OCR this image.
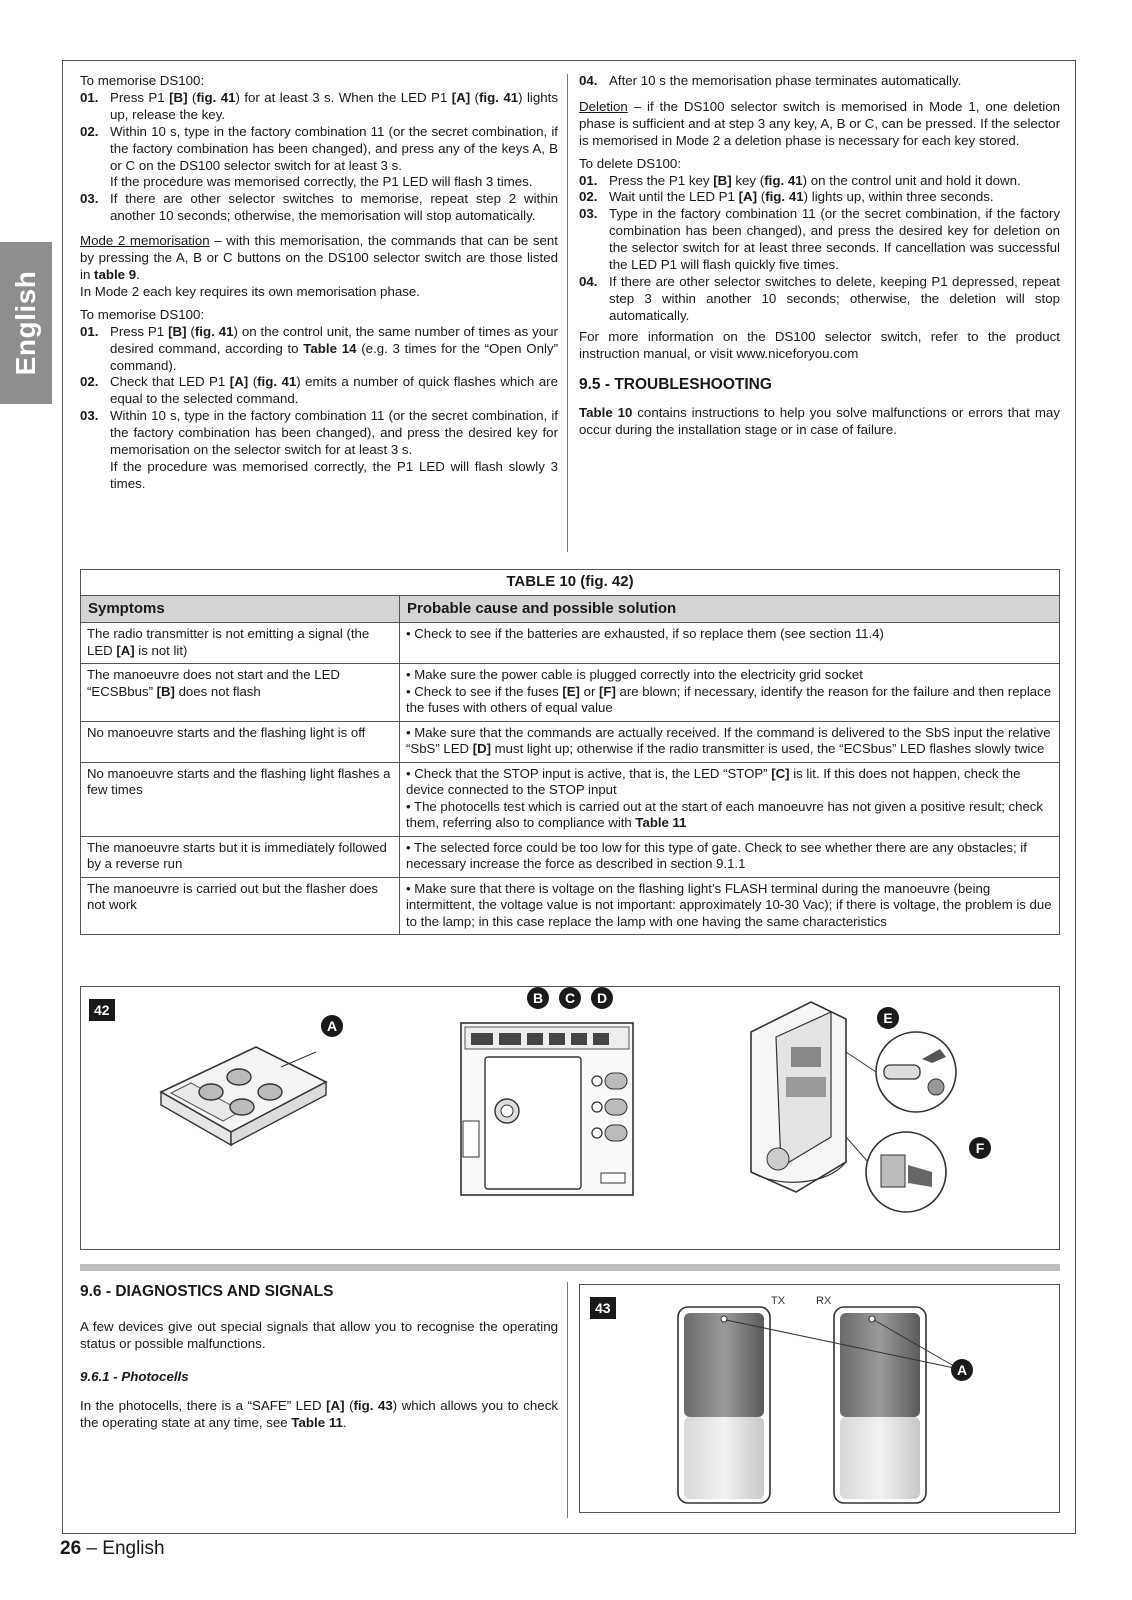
English

To memorise DS100:

01. Press P1 [B] (fig. 41) for at least 3 s. When the LED P1 [A] (fig. 41) lights up, release the key.
02. Within 10 s, type in the factory combination 11 (or the secret combination, if the factory combination has been changed), and press any of the keys A, B or C on the DS100 selector switch for at least 3 s.
If the procedure was memorised correctly, the P1 LED will flash 3 times.
03. If there are other selector switches to memorise, repeat step 2 within another 10 seconds; otherwise, the memorisation will stop automatically.

Mode 2 memorisation – with this memorisation, the commands that can be sent by pressing the A, B or C buttons on the DS100 selector switch are those listed in table 9.
In Mode 2 each key requires its own memorisation phase.

To memorise DS100:

01. Press P1 [B] (fig. 41) on the control unit, the same number of times as your desired command, according to Table 14 (e.g. 3 times for the “Open Only” command).
02. Check that LED P1 [A] (fig. 41) emits a number of quick flashes which are equal to the selected command.
03. Within 10 s, type in the factory combination 11 (or the secret combination, if the factory combination has been changed), and press the desired key for memorisation on the selector switch for at least 3 s.
If the procedure was memorised correctly, the P1 LED will flash slowly 3 times.
04. After 10 s the memorisation phase terminates automatically.

Deletion – if the DS100 selector switch is memorised in Mode 1, one deletion phase is sufficient and at step 3 any key, A, B or C, can be pressed. If the selector is memorised in Mode 2 a deletion phase is necessary for each key stored.

To delete DS100:

01. Press the P1 key [B] key (fig. 41) on the control unit and hold it down.
02. Wait until the LED P1 [A] (fig. 41) lights up, within three seconds.
03. Type in the factory combination 11 (or the secret combination, if the factory combination has been changed), and press the desired key for deletion on the selector switch for at least three seconds. If cancellation was successful the LED P1 will flash quickly five times.
04. If there are other selector switches to delete, keeping P1 depressed, repeat step 3 within another 10 seconds; otherwise, the deletion will stop automatically.

For more information on the DS100 selector switch, refer to the product instruction manual, or visit www.niceforyou.com

9.5 - TROUBLESHOOTING

Table 10 contains instructions to help you solve malfunctions or errors that may occur during the installation stage or in case of failure.

TABLE 10 (fig. 42)	
Symptoms	Probable cause and possible solution
The radio transmitter is not emitting a signal (the LED [A] is not lit)	• Check to see if the batteries are exhausted, if so replace them (see section 11.4)
The manoeuvre does not start and the LED “ECSBbus” [B] does not flash	• Make sure the power cable is plugged correctly into the electricity grid socket
• Check to see if the fuses [E] or [F] are blown; if necessary, identify the reason for the failure and then replace the fuses with others of equal value
No manoeuvre starts and the flashing light is off	• Make sure that the commands are actually received. If the command is delivered to the SbS input the relative “SbS” LED [D] must light up; otherwise if the radio transmitter is used, the “ECSbus” LED flashes slowly twice
No manoeuvre starts and the flashing light flashes a few times	• Check that the STOP input is active, that is, the LED “STOP” [C] is lit. If this does not happen, check the device connected to the STOP input
• The photocells test which is carried out at the start of each manoeuvre has not given a positive result; check them, referring also to compliance with Table 11
The manoeuvre starts but it is immediately followed by a reverse run	• The selected force could be too low for this type of gate. Check to see whether there are any obstacles; if necessary increase the force as described in section 9.1.1
The manoeuvre is carried out but the flasher does not work	• Make sure that there is voltage on the flashing light’s FLASH terminal during the manoeuvre (being intermittent, the voltage value is not important: approximately 10-30 Vac); if there is voltage, the problem is due to the lamp; in this case replace the lamp with one having the same characteristics
42
A
B	C	D
E
F
9.6 - DIAGNOSTICS AND SIGNALS

A few devices give out special signals that allow you to recognise the operating status or possible malfunctions.

9.6.1 - Photocells

In the photocells, there is a “SAFE” LED [A] (fig. 43) which allows you to check the operating state at any time, see Table 11.

43	TX	RX
A
26 – English
